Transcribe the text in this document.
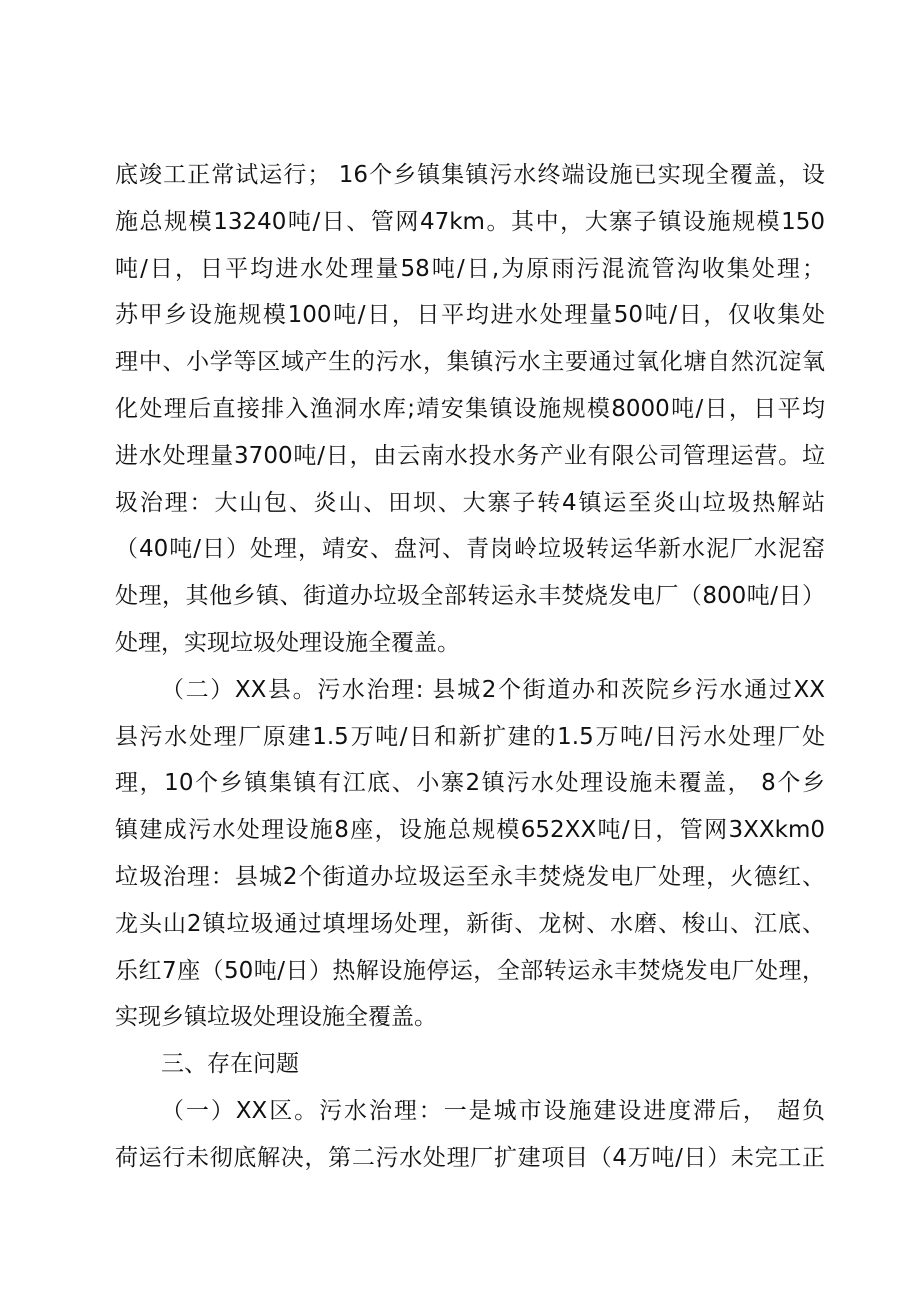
底竣工正常试运行； 16个乡镇集镇污水终端设施已实现全覆盖，设
施总规模13240吨/日、管网47km。其中，大寨子镇设施规模150
吨/日，日平均进水处理量58吨/日,为原雨污混流管沟收集处理；
苏甲乡设施规模100吨/日，日平均进水处理量50吨/日，仅收集处
理中、小学等区域产生的污水，集镇污水主要通过氧化塘自然沉淀氧
化处理后直接排入渔洞水库;靖安集镇设施规模8000吨/日，日平均
进水处理量3700吨/日，由云南水投水务产业有限公司管理运营。垃
圾治理：大山包、炎山、田坝、大寨子转4镇运至炎山垃圾热解站
（40吨/日）处理，靖安、盘河、青岗岭垃圾转运华新水泥厂水泥窑
处理，其他乡镇、街道办垃圾全部转运永丰焚烧发电厂（800吨/日）
处理，实现垃圾处理设施全覆盖。
（二）XX县。污水治理: 县城2个街道办和茨院乡污水通过XX
县污水处理厂原建1.5万吨/日和新扩建的1.5万吨/日污水处理厂处
理，10个乡镇集镇有江底、小寨2镇污水处理设施未覆盖， 8个乡
镇建成污水处理设施8座，设施总规模652XX吨/日，管网3XXkm0
垃圾治理：县城2个街道办垃圾运至永丰焚烧发电厂处理，火德红、
龙头山2镇垃圾通过填埋场处理，新街、龙树、水磨、梭山、江底、
乐红7座（50吨/日）热解设施停运，全部转运永丰焚烧发电厂处理，
实现乡镇垃圾处理设施全覆盖。
三、存在问题
（一）XX区。污水治理：一是城市设施建设进度滞后， 超负
荷运行未彻底解决，第二污水处理厂扩建项目（4万吨/日）未完工正
